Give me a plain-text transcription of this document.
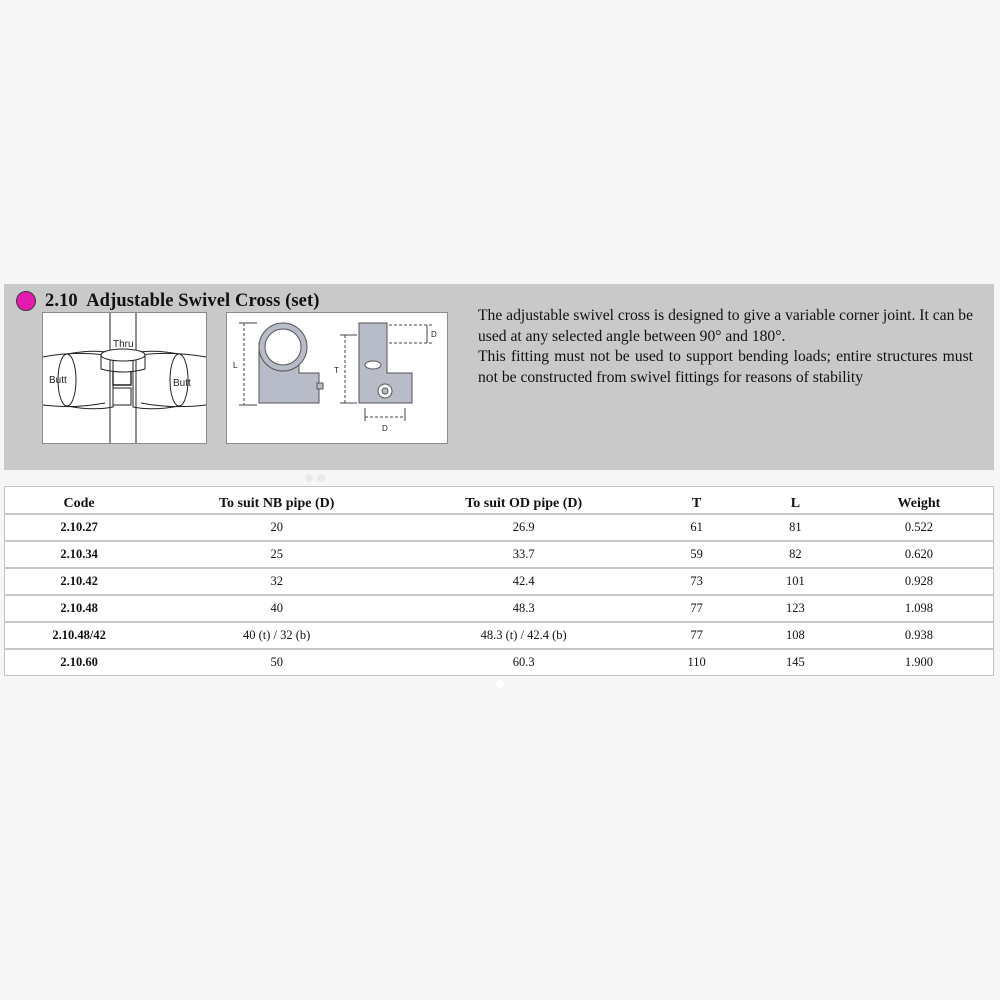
2.10 Adjustable Swivel Cross (set)
Thru
Butt	Butt
L
T
D
D

The adjustable swivel cross is designed to give a variable corner joint. It can be used at any selected angle between 90° and 180°.

This fitting must not be used to support bending loads; entire structures must not be constructed from swivel fittings for reasons of stability

Code	To suit NB pipe (D)	To suit OD pipe (D)	T	L	Weight
2.10.27	20	26.9	61	81	0.522
2.10.34	25	33.7	59	82	0.620
2.10.42	32	42.4	73	101	0.928
2.10.48	40	48.3	77	123	1.098
2.10.48/42	40 (t) / 32 (b)	48.3 (t) / 42.4 (b)	77	108	0.938
2.10.60	50	60.3	110	145	1.900
